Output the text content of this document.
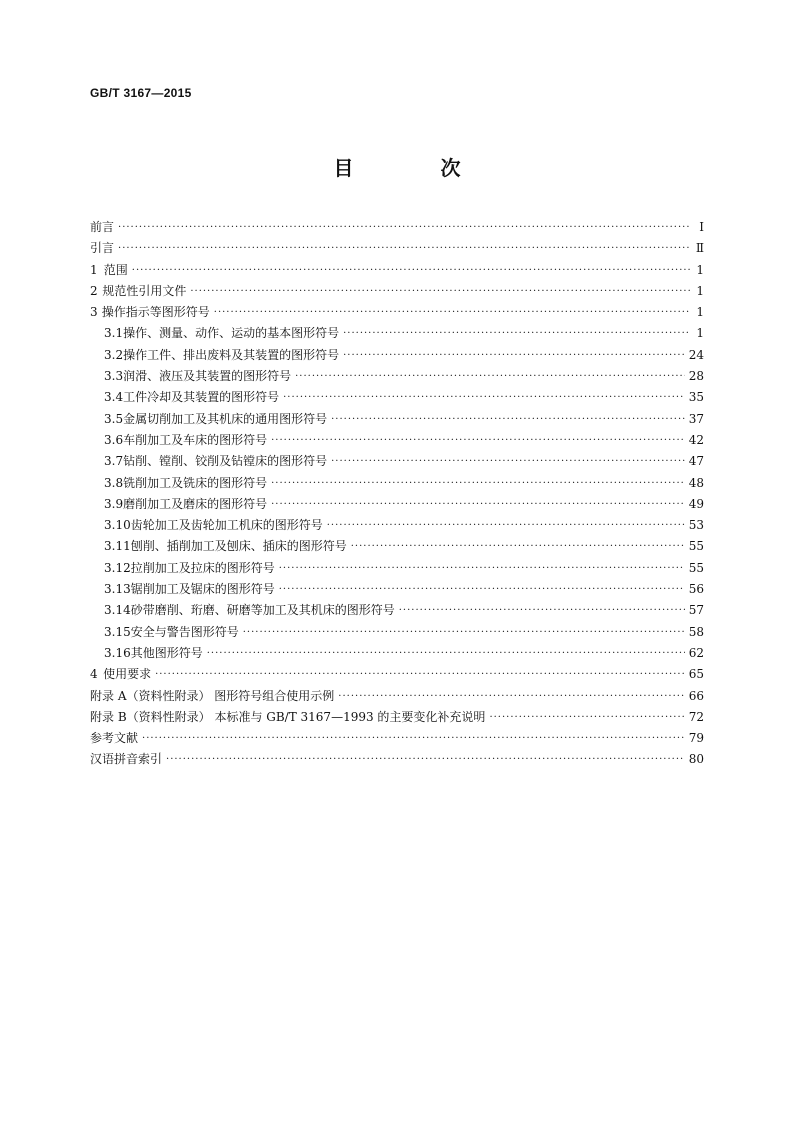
GB/T 3167—2015
目 次
前言 ·····	Ⅰ
引言 ·····	Ⅱ
1 范围 ·····	1
2 规范性引用文件 ·····	1
3 操作指示等图形符号 ·····	1
3.1 操作、测量、动作、运动的基本图形符号 ·····	1
3.2 操作工件、排出废料及其装置的图形符号 ·····	24
3.3 润滑、液压及其装置的图形符号 ·····	28
3.4 工件冷却及其装置的图形符号 ·····	35
3.5 金属切削加工及其机床的通用图形符号 ·····	37
3.6 车削加工及车床的图形符号 ·····	42
3.7 钻削、镗削、铰削及钻镗床的图形符号 ·····	47
3.8 铣削加工及铣床的图形符号 ·····	48
3.9 磨削加工及磨床的图形符号 ·····	49
3.10 齿轮加工及齿轮加工机床的图形符号 ·····	53
3.11 刨削、插削加工及刨床、插床的图形符号 ·····	55
3.12 拉削加工及拉床的图形符号 ·····	55
3.13 锯削加工及锯床的图形符号 ·····	56
3.14 砂带磨削、珩磨、研磨等加工及其机床的图形符号 ·····	57
3.15 安全与警告图形符号 ·····	58
3.16 其他图形符号 ·····	62
4 使用要求 ·····	65
附录 A（资料性附录） 图形符号组合使用示例 ·····	66
附录 B（资料性附录） 本标准与 GB/T 3167—1993 的主要变化补充说明 ·····	72
参考文献 ·····	79
汉语拼音索引 ·····	80
